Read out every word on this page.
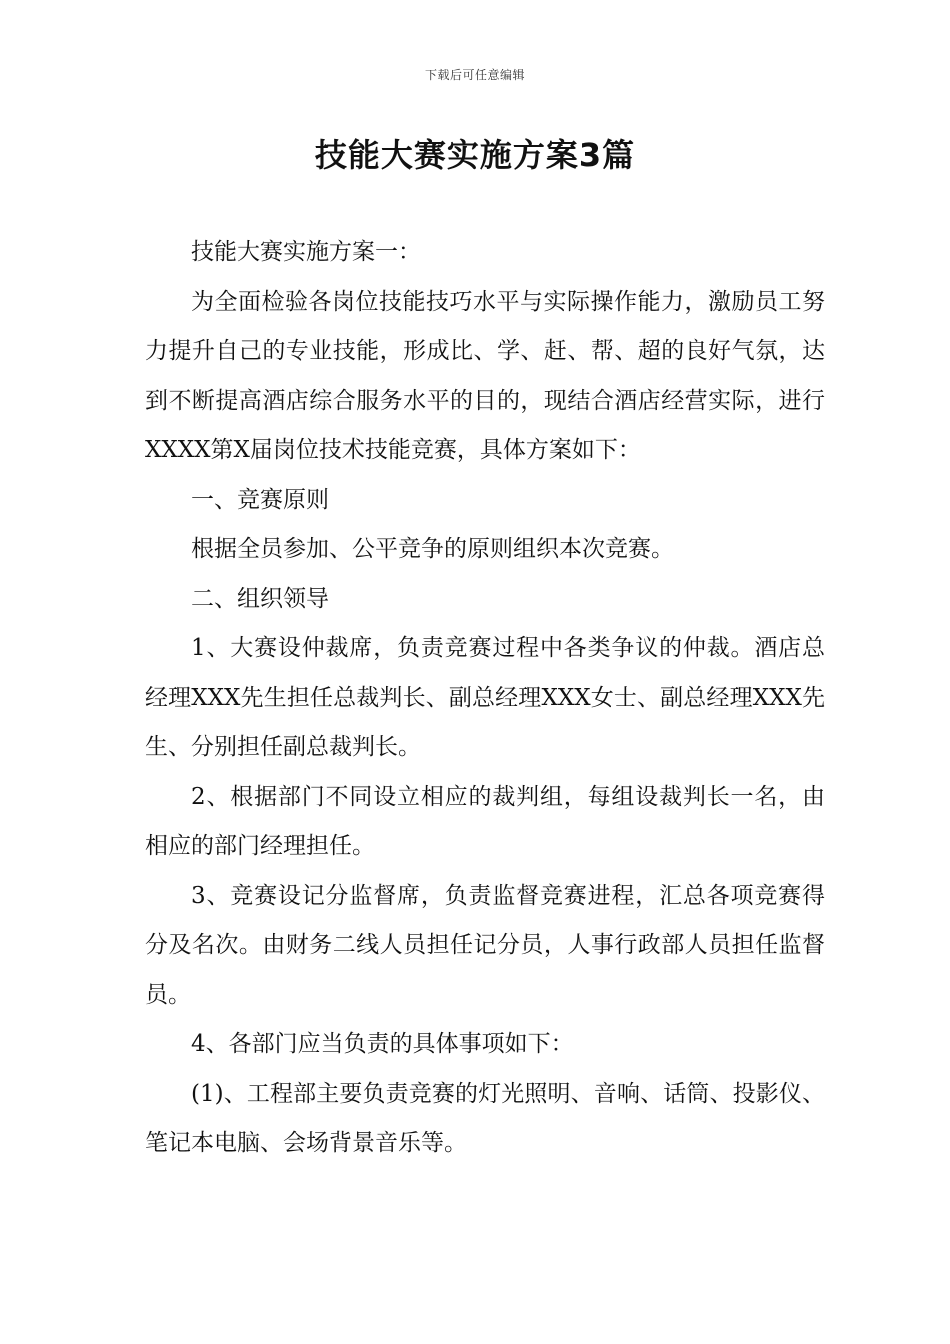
下载后可任意编辑
技能大赛实施方案3篇

技能大赛实施方案一：

为全面检验各岗位技能技巧水平与实际操作能力，激励员工努力提升自己的专业技能，形成比、学、赶、帮、超的良好气氛，达到不断提高酒店综合服务水平的目的，现结合酒店经营实际，进行XXXX第X届岗位技术技能竞赛，具体方案如下：

一、竞赛原则

根据全员参加、公平竞争的原则组织本次竞赛。

二、组织领导

1、大赛设仲裁席，负责竞赛过程中各类争议的仲裁。酒店总经理XXX先生担任总裁判长、副总经理XXX女士、副总经理XXX先生、分别担任副总裁判长。

2、根据部门不同设立相应的裁判组，每组设裁判长一名，由相应的部门经理担任。

3、竞赛设记分监督席，负责监督竞赛进程，汇总各项竞赛得分及名次。由财务二线人员担任记分员，人事行政部人员担任监督员。

4、各部门应当负责的具体事项如下：

(1)、工程部主要负责竞赛的灯光照明、音响、话筒、投影仪、笔记本电脑、会场背景音乐等。
